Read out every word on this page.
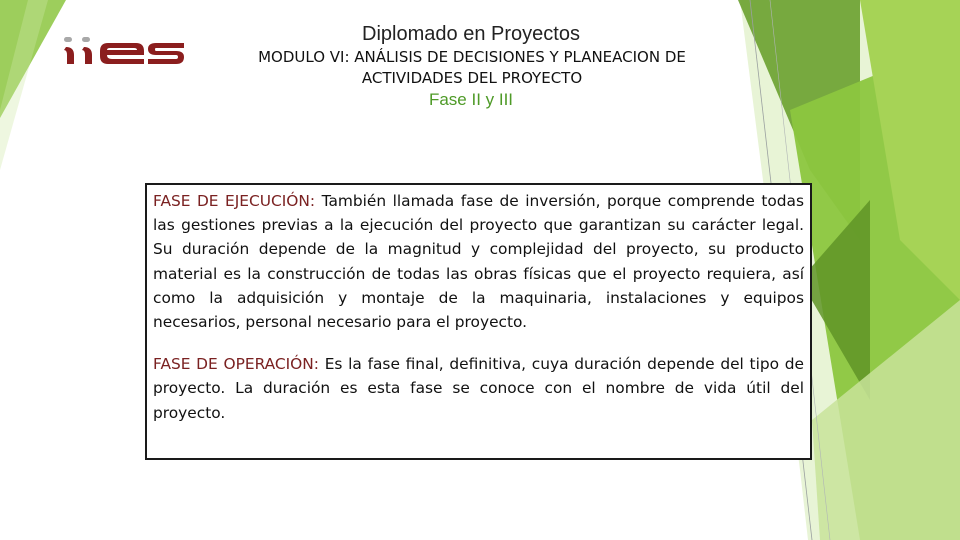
Diplomado en Proyectos
MODULO VI: ANÁLISIS DE DECISIONES Y PLANEACION DE ACTIVIDADES DEL PROYECTO
Fase II y III

FASE DE EJECUCIÓN: También llamada fase de inversión, porque comprende todas las gestiones previas a la ejecución del proyecto que garantizan su carácter legal. Su duración depende de la magnitud y complejidad del proyecto, su producto material es la construcción de todas las obras físicas que el proyecto requiera, así como la adquisición y montaje de la maquinaria, instalaciones y equipos necesarios, personal necesario para el proyecto.

FASE DE OPERACIÓN: Es la fase final, definitiva, cuya duración depende del tipo de proyecto. La duración es esta fase se conoce con el nombre de vida útil del proyecto.
